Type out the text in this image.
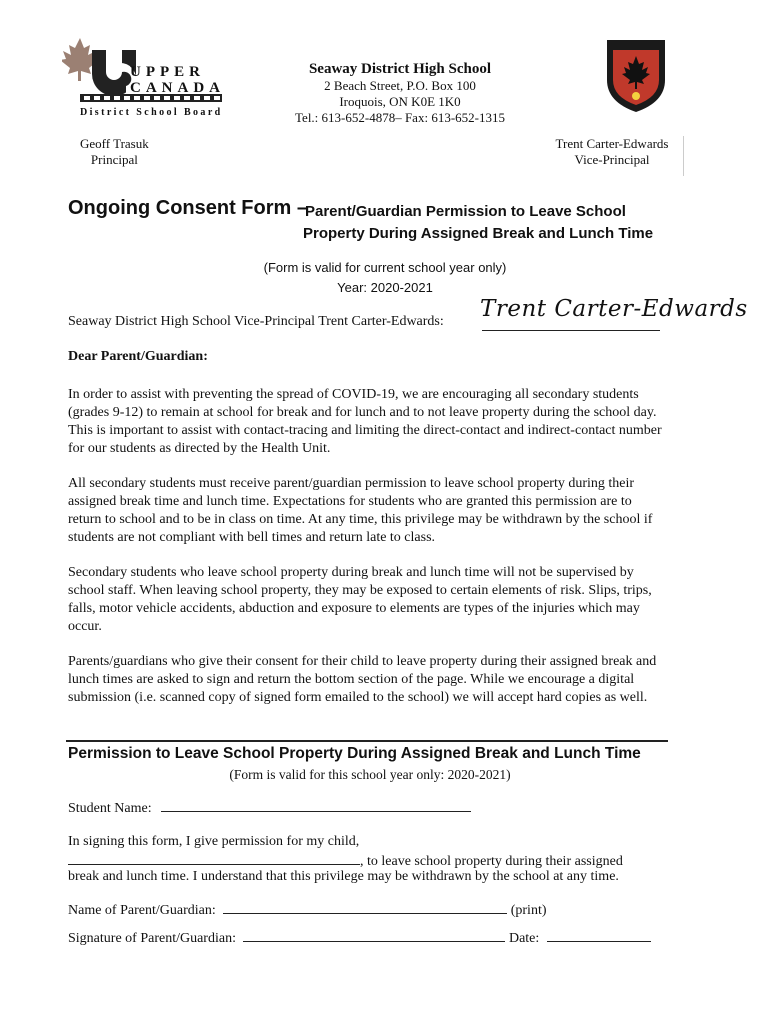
UPPER
CANADA
District School Board
Seaway District High School
2 Beach Street, P.O. Box 100
Iroquois, ON K0E 1K0
Tel.: 613-652-4878– Fax: 613-652-1315
Geoff Trasuk
Principal
Trent Carter-Edwards
Vice-Principal
Ongoing Consent Form –
Parent/Guardian Permission to Leave School
Property During Assigned Break and Lunch Time
(Form is valid for current school year only)
Year: 2020-2021
Seaway District High School Vice-Principal Trent Carter-Edwards: Trent Carter-Edwards
Dear Parent/Guardian:
In order to assist with preventing the spread of COVID-19, we are encouraging all secondary students (grades 9-12) to remain at school for break and for lunch and to not leave property during the school day. This is important to assist with contact-tracing and limiting the direct-contact and indirect-contact number for our students as directed by the Health Unit.
All secondary students must receive parent/guardian permission to leave school property during their assigned break time and lunch time. Expectations for students who are granted this permission are to return to school and to be in class on time. At any time, this privilege may be withdrawn by the school if students are not compliant with bell times and return late to class.
Secondary students who leave school property during break and lunch time will not be supervised by school staff. When leaving school property, they may be exposed to certain elements of risk. Slips, trips, falls, motor vehicle accidents, abduction and exposure to elements are types of the injuries which may occur.
Parents/guardians who give their consent for their child to leave property during their assigned break and lunch times are asked to sign and return the bottom section of the page. While we encourage a digital submission (i.e. scanned copy of signed form emailed to the school) we will accept hard copies as well.
Permission to Leave School Property During Assigned Break and Lunch Time
(Form is valid for this school year only: 2020-2021)
Student Name:
In signing this form, I give permission for my child,
, to leave school property during their assigned
break and lunch time. I understand that this privilege may be withdrawn by the school at any time.
Name of Parent/Guardian:	(print)
Signature of Parent/Guardian:	Date:
